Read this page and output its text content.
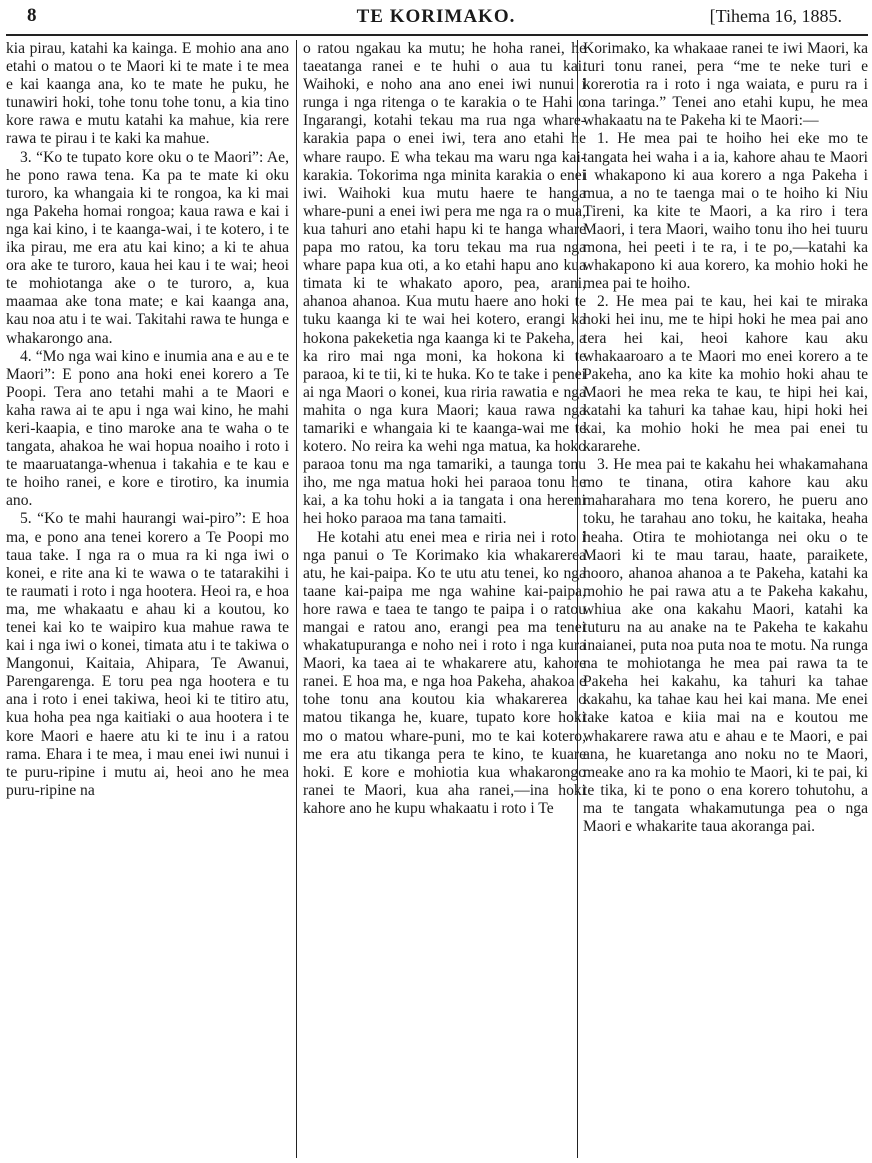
8	TE KORIMAKO.	[Tihema 16, 1885.

kia pirau, katahi ka kainga. E mohio ana ano etahi o matou o te Maori ki te mate i te mea e kai kaanga ana, ko te mate he puku, he tunawiri hoki, tohe tonu tohe tonu, a kia tino kore rawa e mutu katahi ka mahue, kia rere rawa te pirau i te kaki ka mahue.

3. “Ko te tupato kore oku o te Maori”: Ae, he pono rawa tena. Ka pa te mate ki oku turoro, ka whangaia ki te rongoa, ka ki mai nga Pakeha homai rongoa; kaua rawa e kai i nga kai kino, i te kaanga-wai, i te kotero, i te ika pirau, me era atu kai kino; a ki te ahua ora ake te turoro, kaua hei kau i te wai; heoi te mohiotanga ake o te turoro, a, kua maamaa ake tona mate; e kai kaanga ana, kau noa atu i te wai. Takitahi rawa te hunga e whakarongo ana.

4. “Mo nga wai kino e inumia ana e au e te Maori”: E pono ana hoki enei korero a Te Poopi. Tera ano tetahi mahi a te Maori e kaha rawa ai te apu i nga wai kino, he mahi keri-kaapia, e tino maroke ana te waha o te tangata, ahakoa he wai hopua noaiho i roto i te maaruatanga-whenua i takahia e te kau e te hoiho ranei, e kore e tirotiro, ka inumia ano.

5. “Ko te mahi haurangi wai-piro”: E hoa ma, e pono ana tenei korero a Te Poopi mo taua take. I nga ra o mua ra ki nga iwi o konei, e rite ana ki te wawa o te tatarakihi i te raumati i roto i nga hootera. Heoi ra, e hoa ma, me whakaatu e ahau ki a koutou, ko tenei kai ko te waipiro kua mahue rawa te kai i nga iwi o konei, timata atu i te takiwa o Mangonui, Kaitaia, Ahipara, Te Awanui, Parengarenga. E toru pea nga hootera e tu ana i roto i enei takiwa, heoi ki te titiro atu, kua hoha pea nga kaitiaki o aua hootera i te kore Maori e haere atu ki te inu i a ratou rama. Ehara i te mea, i mau enei iwi nunui i te puru-ripine i mutu ai, heoi ano he mea puru-ripine na

o ratou ngakau ka mutu; he hoha ranei, he taeatanga ranei e te huhi o aua tu kai. Waihoki, e noho ana ano enei iwi nunui i runga i nga ritenga o te karakia o te Hahi o Ingarangi, kotahi tekau ma rua nga whare-karakia papa o enei iwi, tera ano etahi he whare raupo. E wha tekau ma waru nga kai-karakia. Tokorima nga minita karakia o enei iwi. Waihoki kua mutu haere te hanga whare-puni a enei iwi pera me nga ra o mua, kua tahuri ano etahi hapu ki te hanga whare papa mo ratou, ka toru tekau ma rua nga whare papa kua oti, a ko etahi hapu ano kua timata ki te whakato aporo, pea, arani, ahanoa ahanoa. Kua mutu haere ano hoki te tuku kaanga ki te wai hei kotero, erangi ka hokona pakeketia nga kaanga ki te Pakeha, a ka riro mai nga moni, ka hokona ki te paraoa, ki te tii, ki te huka. Ko te take i penei ai nga Maori o konei, kua riria rawatia e nga mahita o nga kura Maori; kaua rawa nga tamariki e whangaia ki te kaanga-wai me te kotero. No reira ka wehi nga matua, ka hoko paraoa tonu ma nga tamariki, a taunga tonu iho, me nga matua hoki hei paraoa tonu he kai, a ka tohu hoki a ia tangata i ona hereni hei hoko paraoa ma tana tamaiti.

He kotahi atu enei mea e riria nei i roto i nga panui o Te Korimako kia whakarerea atu, he kai-paipa. Ko te utu atu tenei, ko nga taane kai-paipa me nga wahine kai-paipa, hore rawa e taea te tango te paipa i o ratou mangai e ratou ano, erangi pea ma tenei whakatupuranga e noho nei i roto i nga kura Maori, ka taea ai te whakarere atu, kahore ranei. E hoa ma, e nga hoa Pakeha, ahakoa e tohe tonu ana koutou kia whakarerea o matou tikanga he, kuare, tupato kore hoki mo o matou whare-puni, mo te kai kotero, me era atu tikanga pera te kino, te kuare hoki. E kore e mohiotia kua whakarongo ranei te Maori, kua aha ranei,—ina hoki kahore ano he kupu whakaatu i roto i Te

Korimako, ka whakaae ranei te iwi Maori, ka turi tonu ranei, pera “me te neke turi e korerotia ra i roto i nga waiata, e puru ra i ona taringa.” Tenei ano etahi kupu, he mea whakaatu na te Pakeha ki te Maori:—

1. He mea pai te hoiho hei eke mo te tangata hei waha i a ia, kahore ahau te Maori i whakapono ki aua korero a nga Pakeha i mua, a no te taenga mai o te hoiho ki Niu Tireni, ka kite te Maori, a ka riro i tera Maori, i tera Maori, waiho tonu iho hei tuuru mona, hei peeti i te ra, i te po,—katahi ka whakapono ki aua korero, ka mohio hoki he mea pai te hoiho.

2. He mea pai te kau, hei kai te miraka hoki hei inu, me te hipi hoki he mea pai ano tera hei kai, heoi kahore kau aku whakaaroaro a te Maori mo enei korero a te Pakeha, ano ka kite ka mohio hoki ahau te Maori he mea reka te kau, te hipi hei kai, katahi ka tahuri ka tahae kau, hipi hoki hei kai, ka mohio hoki he mea pai enei tu kararehe.

3. He mea pai te kakahu hei whakamahana mo te tinana, otira kahore kau aku maharahara mo tena korero, he pueru ano toku, he tarahau ano toku, he kaitaka, heaha heaha. Otira te mohiotanga nei oku o te Maori ki te mau tarau, haate, paraikete, hooro, ahanoa ahanoa a te Pakeha, katahi ka mohio he pai rawa atu a te Pakeha kakahu, whiua ake ona kakahu Maori, katahi ka tuturu na au anake na te Pakeha te kakahu inaianei, puta noa puta noa te motu. Na runga na te mohiotanga he mea pai rawa ta te Pakeha hei kakahu, ka tahuri ka tahae kakahu, ka tahae kau hei kai mana. Me enei take katoa e kiia mai na e koutou me whakarere rawa atu e ahau e te Maori, e pai ana, he kuaretanga ano noku no te Maori, meake ano ra ka mohio te Maori, ki te pai, ki te tika, ki te pono o ena korero tohutohu, a ma te tangata whakamutunga pea o nga Maori e whakarite taua akoranga pai.
